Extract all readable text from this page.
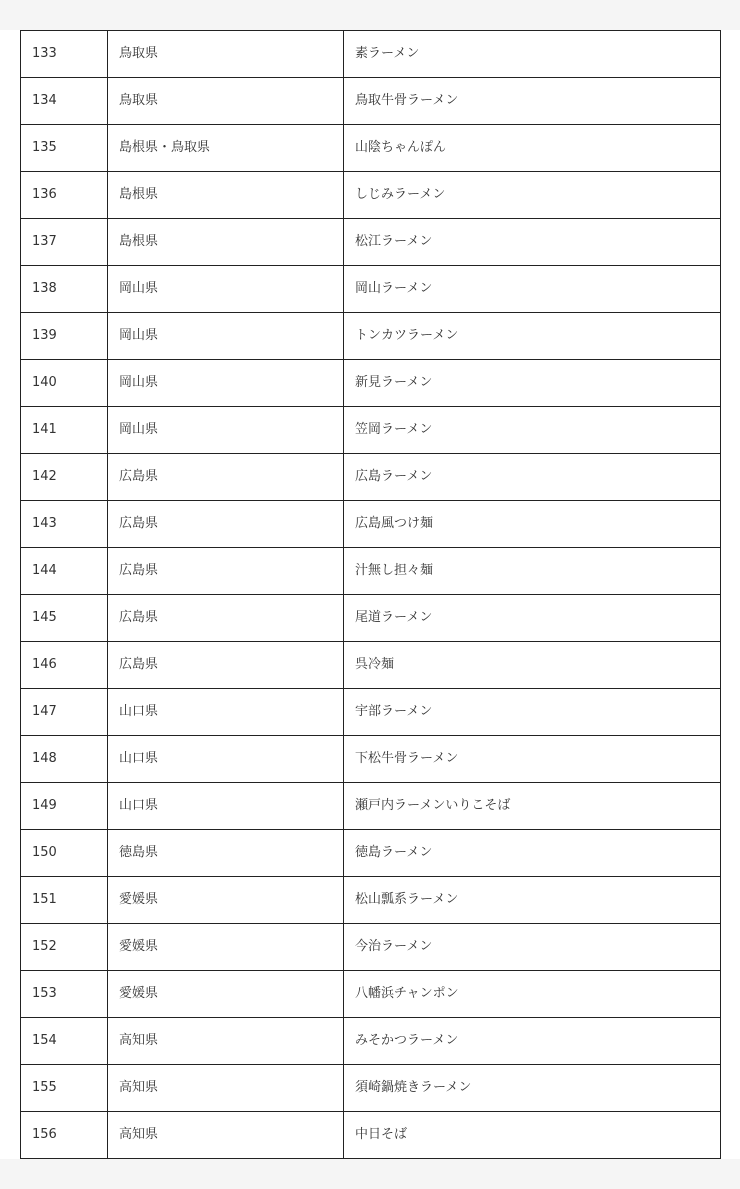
133	鳥取県	素ラーメン
134	鳥取県	鳥取牛骨ラーメン
135	島根県・鳥取県	山陰ちゃんぽん
136	島根県	しじみラーメン
137	島根県	松江ラーメン
138	岡山県	岡山ラーメン
139	岡山県	トンカツラーメン
140	岡山県	新見ラーメン
141	岡山県	笠岡ラーメン
142	広島県	広島ラーメン
143	広島県	広島風つけ麺
144	広島県	汁無し担々麺
145	広島県	尾道ラーメン
146	広島県	呉冷麺
147	山口県	宇部ラーメン
148	山口県	下松牛骨ラーメン
149	山口県	瀬戸内ラーメンいりこそば
150	徳島県	徳島ラーメン
151	愛媛県	松山瓢系ラーメン
152	愛媛県	今治ラーメン
153	愛媛県	八幡浜チャンポン
154	高知県	みそかつラーメン
155	高知県	須崎鍋焼きラーメン
156	高知県	中日そば
